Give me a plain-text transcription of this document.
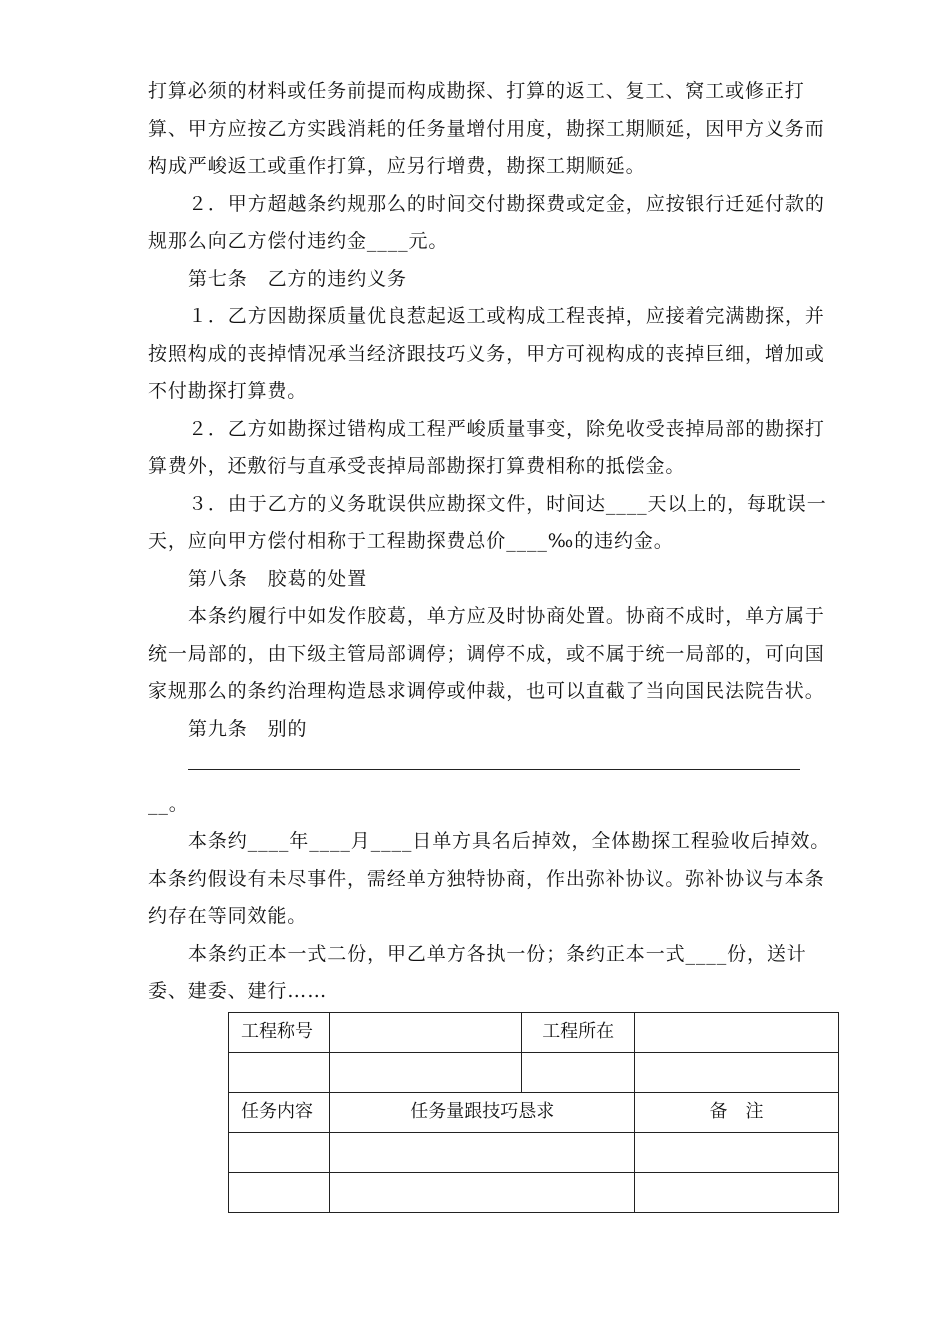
打算必须的材料或任务前提而构成勘探、打算的返工、复工、窝工或修正打
算、甲方应按乙方实践消耗的任务量增付用度，勘探工期顺延，因甲方义务而
构成严峻返工或重作打算，应另行增费，勘探工期顺延。
２．甲方超越条约规那么的时间交付勘探费或定金，应按银行迁延付款的
规那么向乙方偿付违约金____元。
第七条　乙方的违约义务
１．乙方因勘探质量优良惹起返工或构成工程丧掉，应接着完满勘探，并
按照构成的丧掉情况承当经济跟技巧义务，甲方可视构成的丧掉巨细，增加或
不付勘探打算费。
２．乙方如勘探过错构成工程严峻质量事变，除免收受丧掉局部的勘探打
算费外，还敷衍与直承受丧掉局部勘探打算费相称的抵偿金。
３．由于乙方的义务耽误供应勘探文件，时间达____天以上的，每耽误一
天，应向甲方偿付相称于工程勘探费总价____‰的违约金。
第八条　胶葛的处置
本条约履行中如发作胶葛，单方应及时协商处置。协商不成时，单方属于
统一局部的，由下级主管局部调停；调停不成，或不属于统一局部的，可向国
家规那么的条约治理构造恳求调停或仲裁，也可以直截了当向国民法院告状。
第九条　别的
__。
本条约____年____月____日单方具名后掉效，全体勘探工程验收后掉效。
本条约假设有未尽事件，需经单方独特协商，作出弥补协议。弥补协议与本条
约存在等同效能。
本条约正本一式二份，甲乙单方各执一份；条约正本一式____份，送计
委、建委、建行……
工程称号		工程所在	

任务内容	任务量跟技巧恳求		备　注
